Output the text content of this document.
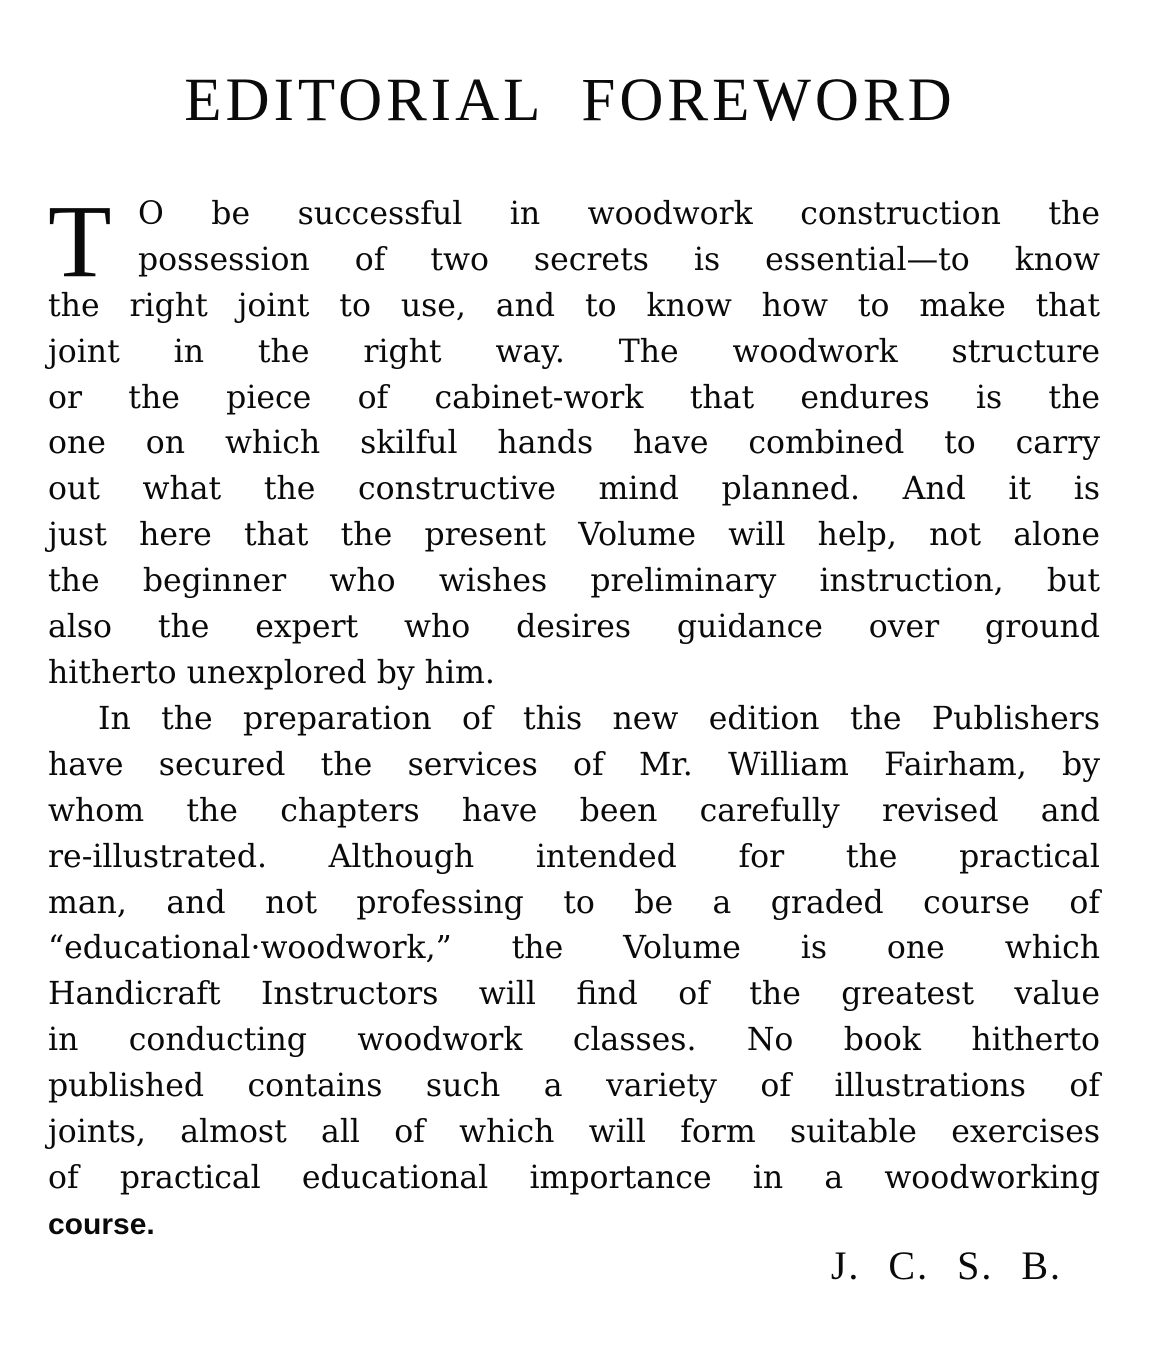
EDITORIAL FOREWORD
T O be successful in woodwork construction the
possession of two secrets is essential—to know
the right joint to use, and to know how to make that
joint in the right way. The woodwork structure
or the piece of cabinet-work that endures is the
one on which skilful hands have combined to carry
out what the constructive mind planned. And it is
just here that the present Volume will help, not alone
the beginner who wishes preliminary instruction, but
also the expert who desires guidance over ground
hitherto unexplored by him.
In the preparation of this new edition the Publishers
have secured the services of Mr. William Fairham, by
whom the chapters have been carefully revised and
re-illustrated. Although intended for the practical
man, and not professing to be a graded course of
“educational·woodwork,” the Volume is one which
Handicraft Instructors will find of the greatest value
in conducting woodwork classes. No book hitherto
published contains such a variety of illustrations of
joints, almost all of which will form suitable exercises
of practical educational importance in a woodworking
course.
J. C. S. B.
